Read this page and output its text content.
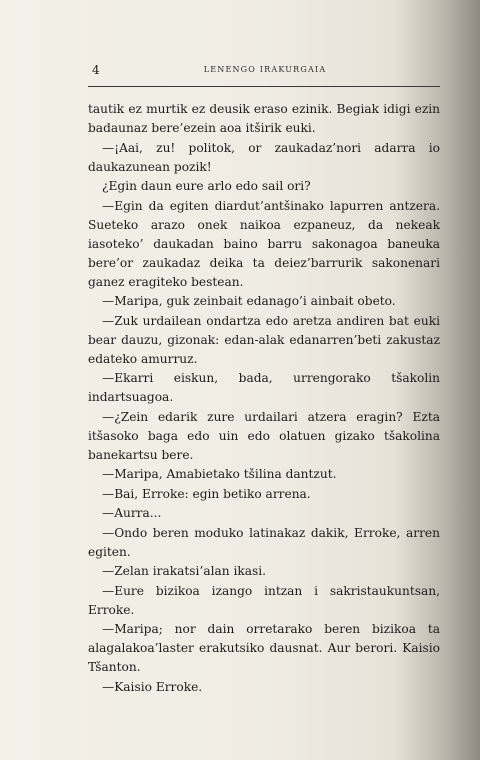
4	LENENGO IRAKURGAIA

tautik ez murtik ez deusik eraso ezinik. Begiak idigi ezin badaunaz bere’ezein aoa itširik euki.

—¡Aai, zu! politok, or zaukadaz’nori adarra io daukazunean pozik!

¿Egin daun eure arlo edo sail ori?

—Egin da egiten diardut’antšinako lapurren antzera. Sueteko arazo onek naikoa ezpaneuz, da nekeak iasoteko’ daukadan baino barru sakonagoa baneuka bere’or zaukadaz deika ta deiez’barrurik sakonenari ganez eragiteko bestean.

—Maripa, guk zeinbait edanago’i ainbait obeto.

—Zuk urdailean ondartza edo aretza andiren bat euki bear dauzu, gizonak: edan-alak edanarren’beti zakustaz edateko amurruz.

—Ekarri eiskun, bada, urrengorako tšakolin indartsuagoa.

—¿Zein edarik zure urdailari atzera eragin? Ezta itšasoko baga edo uin edo olatuen gizako tšakolina banekartsu bere.

—Maripa, Amabietako tšilina dantzut.

—Bai, Erroke: egin betiko arrena.

—Aurra...

—Ondo beren moduko latinakaz dakik, Erroke, arren egiten.

—Zelan irakatsi’alan ikasi.

—Eure bizikoa izango intzan i sakristaukuntsan, Erroke.

—Maripa; nor dain orretarako beren bizikoa ta alagalakoa’laster erakutsiko dausnat. Aur berori. Kaisio Tšanton.

—Kaisio Erroke.
